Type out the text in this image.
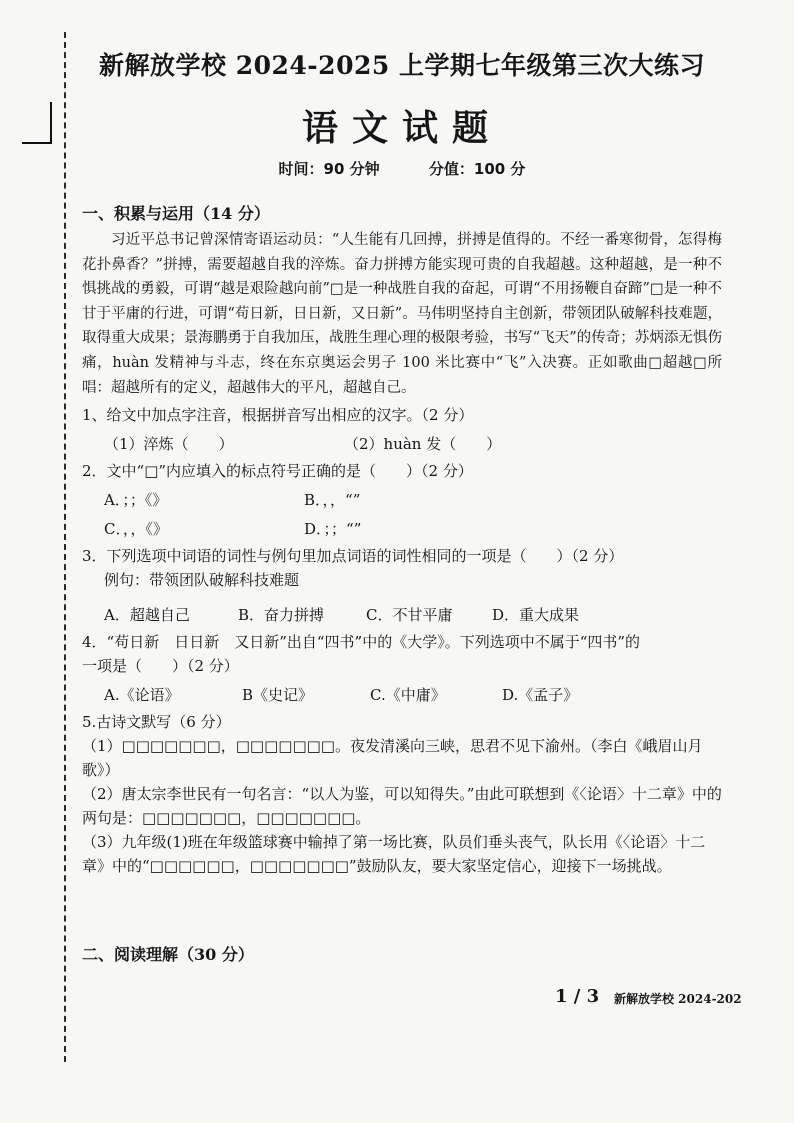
新解放学校 2024-2025 上学期七年级第三次大练习
语文试题
时间：90 分钟	分值：100 分

一、积累与运用（14 分）

习近平总书记曾深情寄语运动员：“人生能有几回搏，拼搏是值得的。不经一番寒彻骨，怎得梅花扑鼻香？”拼搏，需要超越自我的淬炼。奋力拼搏方能实现可贵的自我超越。这种超越，是一种不惧挑战的勇毅，可谓“越是艰险越向前”□是一种战胜自我的奋起，可谓“不用扬鞭自奋蹄”□是一种不甘于平庸的行进，可谓“苟日新，日日新，又日新”。马伟明坚持自主创新，带领团队破解科技难题，取得重大成果；景海鹏勇于自我加压，战胜生理心理的极限考验，书写“飞天”的传奇；苏炳添无惧伤痛，huàn 发精神与斗志，终在东京奥运会男子 100 米比赛中“飞”入决赛。正如歌曲□超越□所唱：超越所有的定义，超越伟大的平凡，超越自己。

1、给文中加点字注音，根据拼音写出相应的汉字。（2 分）
（1）淬炼（　　）	（2）huàn 发（　　）
2．文中“□”内应填入的标点符号正确的是（　　）（2 分）
A．；；《》	B．，，“”
C．，，《》	D．；；“”
3．下列选项中词语的词性与例句里加点词语的词性相同的一项是（　　）（2 分）
例句：带领团队破解科技难题
A．超越自己	B．奋力拼搏	C．不甘平庸	D．重大成果
4．“苟日新　日日新　又日新”出自“四书”中的《大学》。下列选项中不属于“四书”的
一项是（　　）（2 分）
A.《论语》	B《史记》	C.《中庸》	D.《孟子》
5.古诗文默写（6 分）
（1）□□□□□□□，□□□□□□□。夜发清溪向三峡，思君不见下渝州。（李白《峨眉山月歌》）
（2）唐太宗李世民有一句名言：“以人为鉴，可以知得失。”由此可联想到《〈论语〉十二章》中的两句是：□□□□□□□，□□□□□□□。
（3）九年级(1)班在年级篮球赛中输掉了第一场比赛，队员们垂头丧气，队长用《〈论语〉十二章》中的“□□□□□□，□□□□□□□”鼓励队友，要大家坚定信心，迎接下一场挑战。
二、阅读理解（30 分）
1 / 3 新解放学校 2024-202
